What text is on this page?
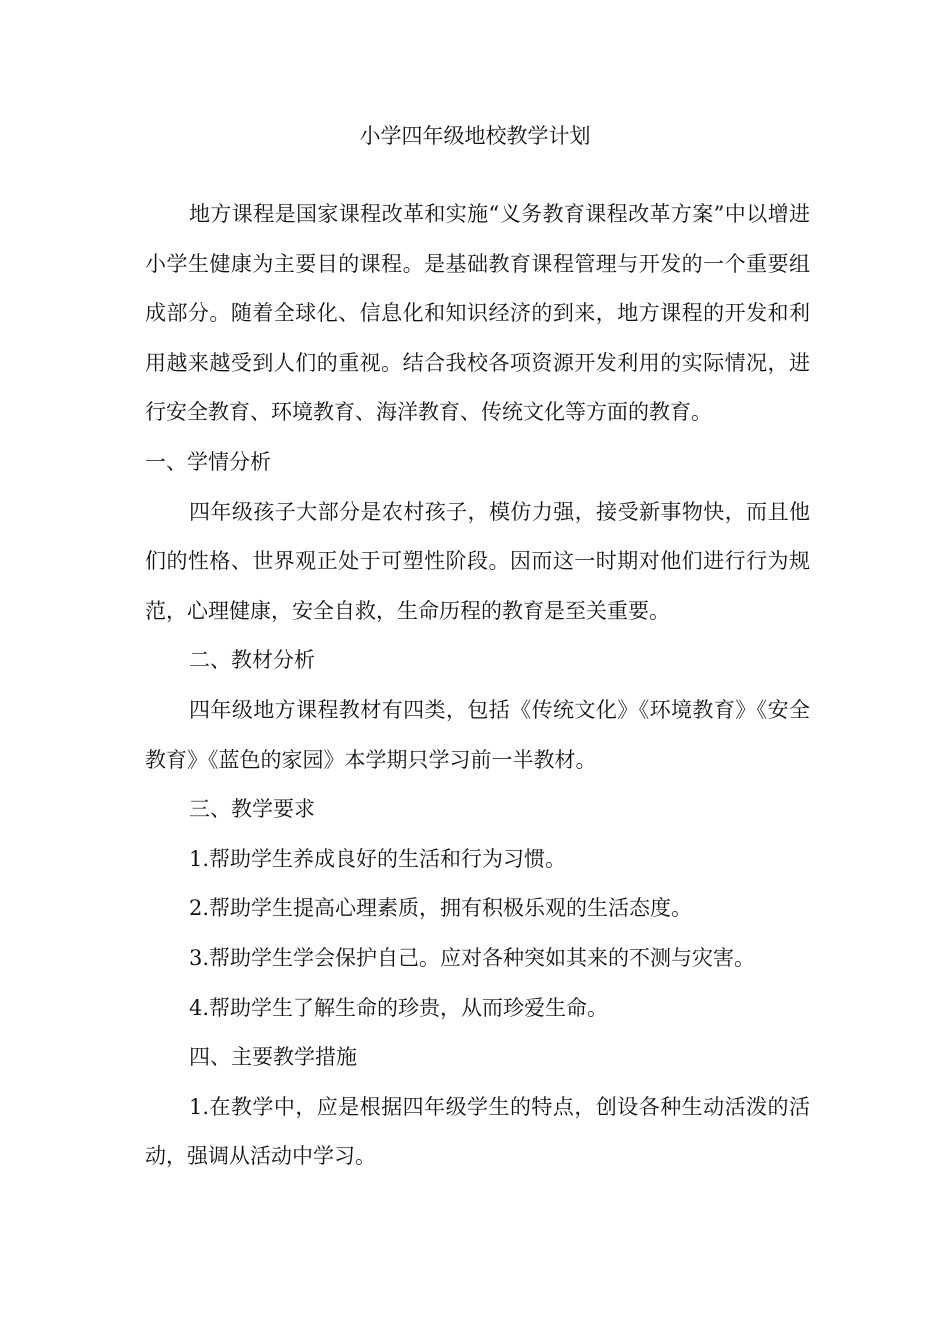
小学四年级地校教学计划

地方课程是国家课程改革和实施“义务教育课程改革方案”中以增进小学生健康为主要目的课程。是基础教育课程管理与开发的一个重要组成部分。随着全球化、信息化和知识经济的到来，地方课程的开发和利用越来越受到人们的重视。结合我校各项资源开发利用的实际情况，进行安全教育、环境教育、海洋教育、传统文化等方面的教育。

一、学情分析

四年级孩子大部分是农村孩子，模仿力强，接受新事物快，而且他们的性格、世界观正处于可塑性阶段。因而这一时期对他们进行行为规范，心理健康，安全自救，生命历程的教育是至关重要。

二、教材分析

四年级地方课程教材有四类，包括《传统文化》《环境教育》《安全教育》《蓝色的家园》本学期只学习前一半教材。

三、教学要求

1.帮助学生养成良好的生活和行为习惯。

2.帮助学生提高心理素质，拥有积极乐观的生活态度。

3.帮助学生学会保护自己。应对各种突如其来的不测与灾害。

4.帮助学生了解生命的珍贵，从而珍爱生命。

四、主要教学措施

1.在教学中，应是根据四年级学生的特点，创设各种生动活泼的活动，强调从活动中学习。
